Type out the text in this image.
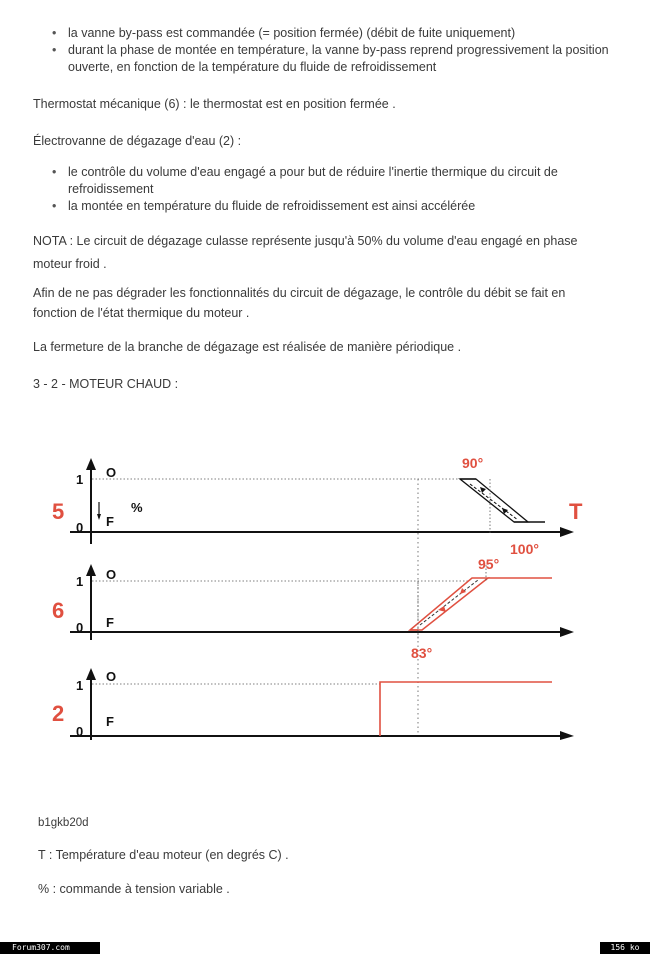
• la vanne by-pass est commandée (= position fermée) (débit de fuite uniquement)
• durant la phase de montée en température, la vanne by-pass reprend progressivement la position
ouverte, en fonction de la température du fluide de refroidissement
Thermostat mécanique (6) : le thermostat est en position fermée .
Électrovanne de dégazage d'eau (2) :
• le contrôle du volume d'eau engagé a pour but de réduire l'inertie thermique du circuit de
refroidissement
• la montée en température du fluide de refroidissement est ainsi accélérée
NOTA : Le circuit de dégazage culasse représente jusqu'à 50% du volume d'eau engagé en phase
moteur froid .
Afin de ne pas dégrader les fonctionnalités du circuit de dégazage, le contrôle du débit se fait en
fonction de l'état thermique du moteur .
La fermeture de la branche de dégazage est réalisée de manière périodique .
3 - 2 - MOTEUR CHAUD :
5
1
0
O
F
%
90°
100°
T
6
1
0
O
F
95°
83°
2
1
0
O
F
b1gkb20d
T : Température d'eau moteur (en degrés C) .
% : commande à tension variable .
Forum307.com	156 ko
